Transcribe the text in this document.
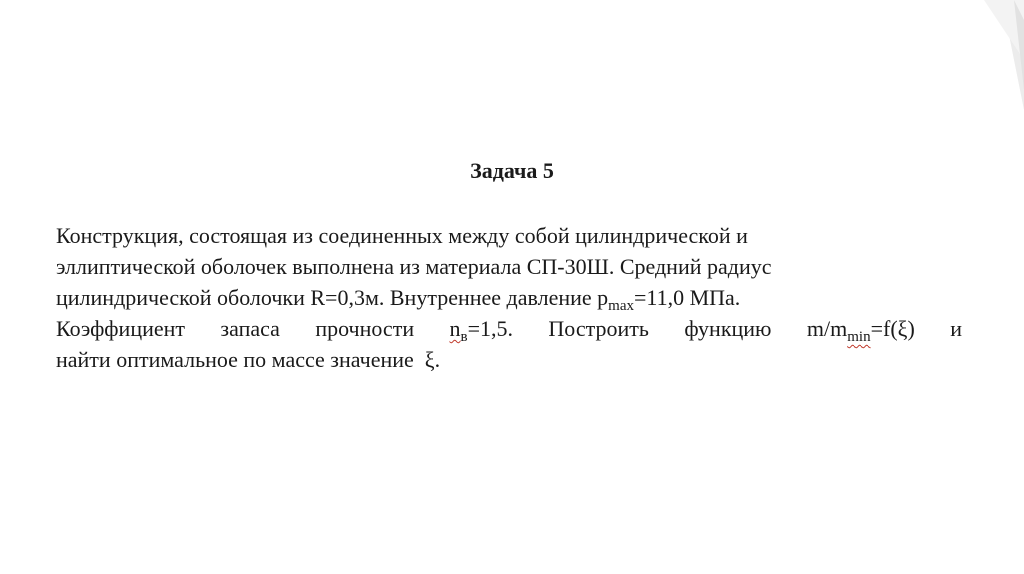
Задача 5
Конструкция, состоящая из соединенных между собой цилиндрической и
эллиптической оболочек выполнена из материала СП-30Ш. Средний радиус
цилиндрической оболочки R=0,3м. Внутреннее давление $p_{max}=11,0$ МПа.
Коэффициент запаса прочности $n_в=1,5$. Построить функцию $m/m_{min}=f(\xi)$ и
найти оптимальное по массе значение  ξ.
